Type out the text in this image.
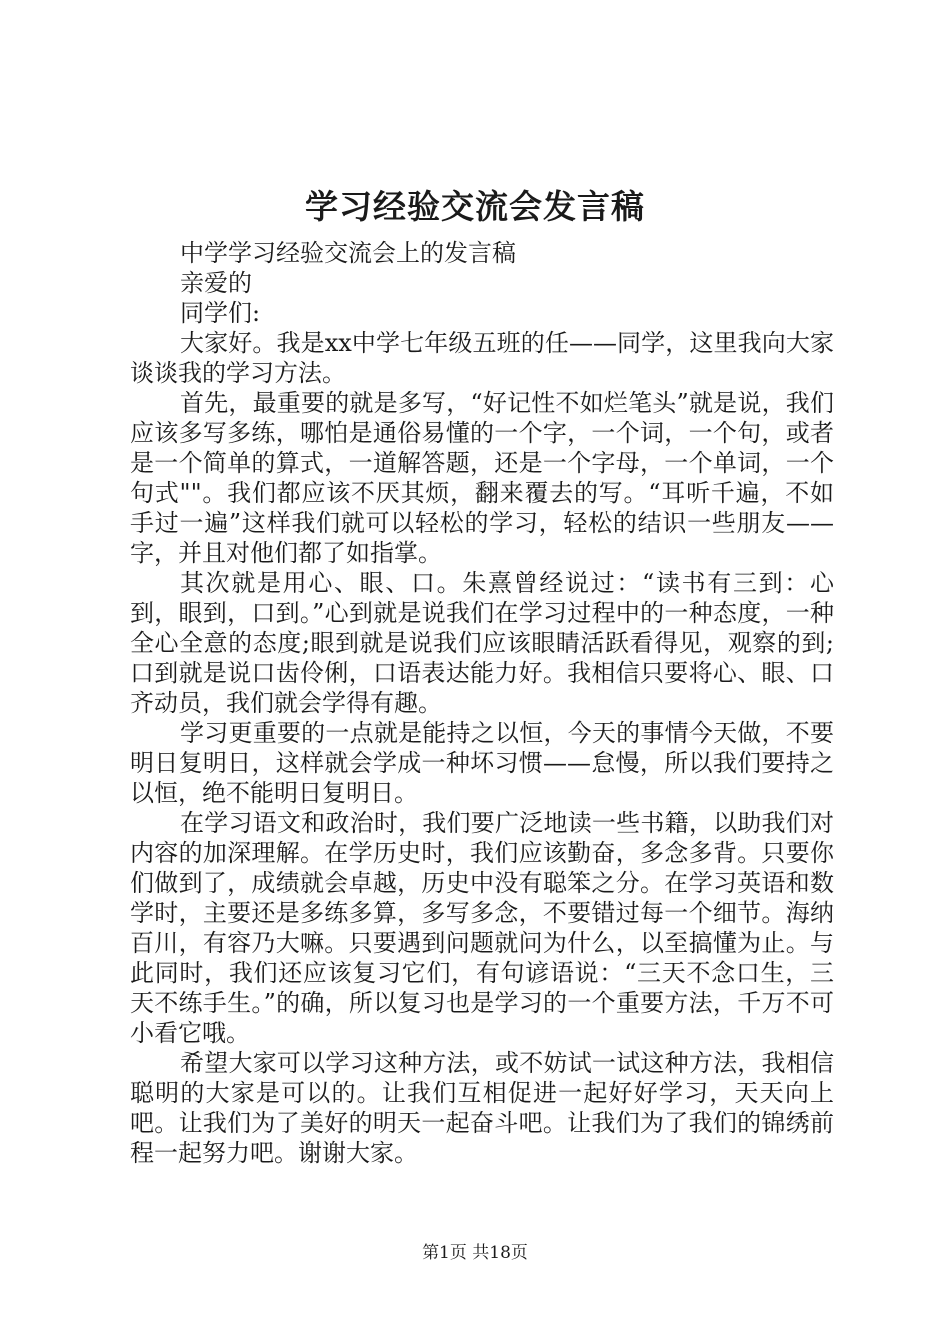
学习经验交流会发言稿

中学学习经验交流会上的发言稿

亲爱的

同学们:

大家好。我是xx中学七年级五班的任——同学，这里我向大家谈谈我的学习方法。

首先，最重要的就是多写，“好记性不如烂笔头”就是说，我们应该多写多练，哪怕是通俗易懂的一个字，一个词，一个句，或者是一个简单的算式，一道解答题，还是一个字母，一个单词，一个句式""。我们都应该不厌其烦，翻来覆去的写。“耳听千遍，不如手过一遍”这样我们就可以轻松的学习，轻松的结识一些朋友——字，并且对他们都了如指掌。

其次就是用心、眼、口。朱熹曾经说过：“读书有三到：心到，眼到，口到。”心到就是说我们在学习过程中的一种态度，一种全心全意的态度;眼到就是说我们应该眼睛活跃看得见，观察的到;口到就是说口齿伶俐，口语表达能力好。我相信只要将心、眼、口齐动员，我们就会学得有趣。

学习更重要的一点就是能持之以恒，今天的事情今天做，不要明日复明日，这样就会学成一种坏习惯——怠慢，所以我们要持之以恒，绝不能明日复明日。

在学习语文和政治时，我们要广泛地读一些书籍，以助我们对内容的加深理解。在学历史时，我们应该勤奋，多念多背。只要你们做到了，成绩就会卓越，历史中没有聪笨之分。在学习英语和数学时，主要还是多练多算，多写多念，不要错过每一个细节。海纳百川，有容乃大嘛。只要遇到问题就问为什么，以至搞懂为止。与此同时，我们还应该复习它们，有句谚语说：“三天不念口生，三天不练手生。”的确，所以复习也是学习的一个重要方法，千万不可小看它哦。

希望大家可以学习这种方法，或不妨试一试这种方法，我相信聪明的大家是可以的。让我们互相促进一起好好学习，天天向上吧。让我们为了美好的明天一起奋斗吧。让我们为了我们的锦绣前程一起努力吧。谢谢大家。

第1页 共18页
